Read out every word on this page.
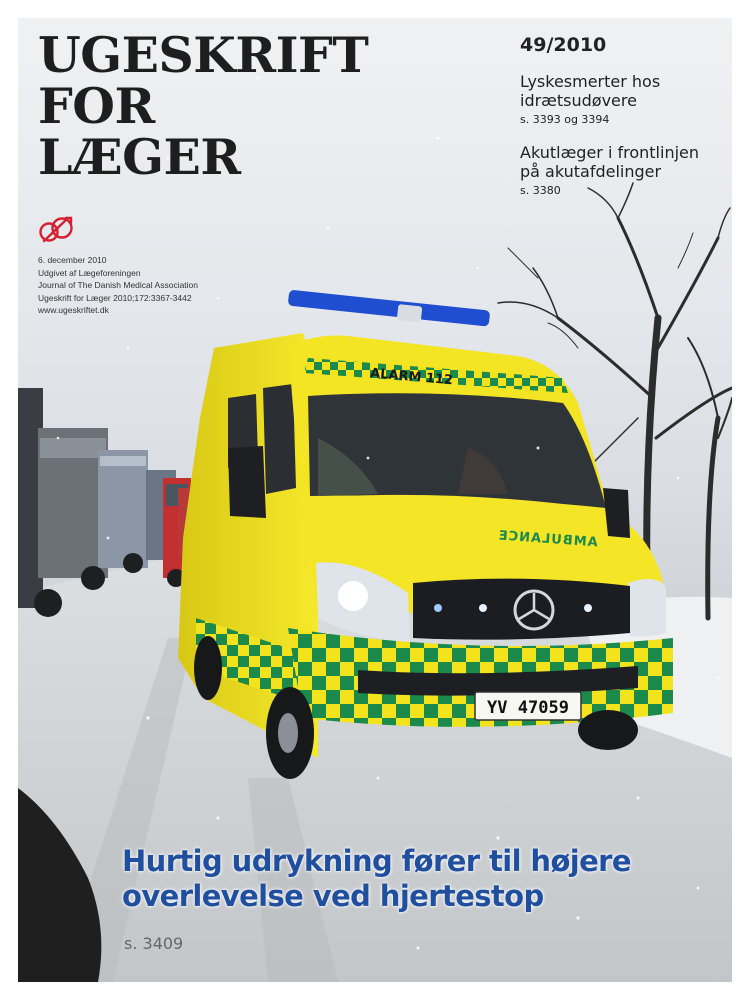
ALARM 112
AMBULANCE
YV 47059
UGESKRIFT
FOR
LÆGER
6. december 2010
Udgivet af Lægeforeningen
Journal of The Danish Medical Association
Ugeskrift for Læger 2010;172:3367-3442
www.ugeskriftet.dk
49/2010
Lyskesmerter hos
idrætsudøvere
s. 3393 og 3394
Akutlæger i frontlinjen
på akutafdelinger
s. 3380
Hurtig udrykning fører til højere
overlevelse ved hjertestop
s. 3409
